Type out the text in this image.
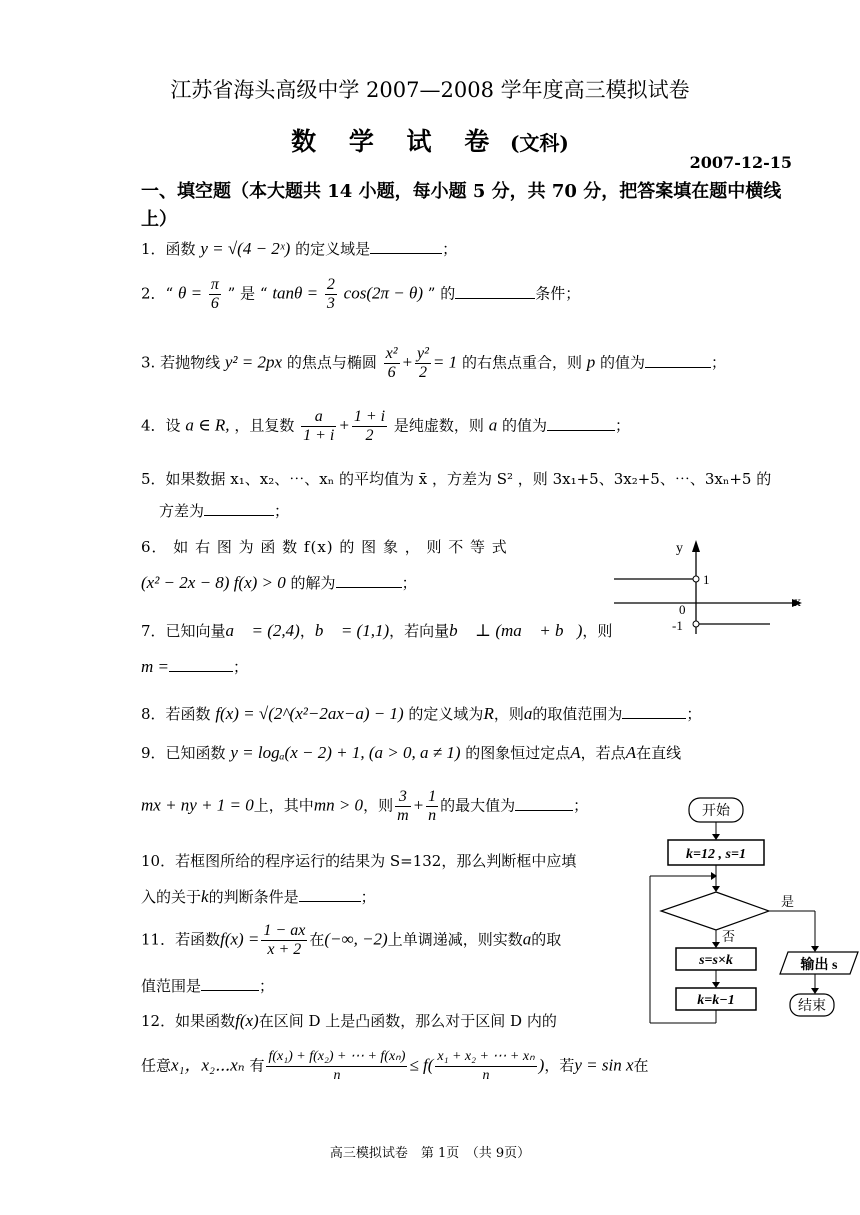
江苏省海头高级中学 2007—2008 学年度高三模拟试卷
数 学 试 卷 (文科)
2007-12-15
一、填空题（本大题共 14 小题，每小题 5 分，共 70 分，把答案填在题中横线上）
1．函数 y = √(4 − 2ˣ) 的定义域是	；
2．“ $\theta = \frac{\pi}{6}$ ” 是 “ $\tan\theta = \frac{2}{3} \cos(2\pi - \theta)$ ” 的	条件；
3. 若抛物线 y² = 2px 的焦点与椭圆 $\frac{\text{x²}}{6} + \frac{\text{y²}}{2} = 1$ 的右焦点重合，则 p 的值为	；
4．设 a ∈ R, ，且复数 $\frac{a}{1 + i} + \frac{1 + i}{2}$ 是纯虚数，则 a 的值为	；
5．如果数据 x₁、x₂、⋯、xₙ 的平均值为 x̄ ，方差为 S² ，则 3x₁+5、3x₂+5、⋯、3xₙ+5 的
方差为	；
6． 如 右 图 为 函 数 f(x) 的 图 象 ， 则 不 等 式
(x² − 2x − 8) f(x) > 0 的解为	；
y
x
1
0
-1
7．已知向量a⃗ = (2,4)，b⃗ = (1,1)，若向量b⃗ ⊥ (ma⃗ + b⃗)，则
m =	；
8．若函数 f(x) = √(2^(x²−2ax−a) − 1) 的定义域为R，则a的取值范围为	；
9．已知函数 y = logₐ(x − 2) + 1, (a > 0, a ≠ 1) 的图象恒过定点A，若点A在直线
mx + ny + 1 = 0上，其中mn > 0，则 $\frac{3}{m} + \frac{1}{n}$ 的最大值为	；
10．若框图所给的程序运行的结果为 S=132，那么判断框中应填
入的关于k的判断条件是	；
11．若函数$f(x) = \frac{1 - ax}{x + 2}$ 在(−∞, −2)上单调递减，则实数a的取
值范围是	；
12．如果函数f(x)在区间 D 上是凸函数，那么对于区间 D 内的
任意x₁，x₂⋯xₙ 有 $\frac{\text{f(x₁) + f(x₂) + ⋯ + f(xₙ)}}{n} \le f( \frac{\text{x₁ + x₂ + ⋯ + xₙ}}{n}$ )，若y = sin x在
开始
k=12 , s=1
是
输出 s
结束
否
s=s×k
k=k−1
高三模拟试卷　第 1页　（共 9页）
